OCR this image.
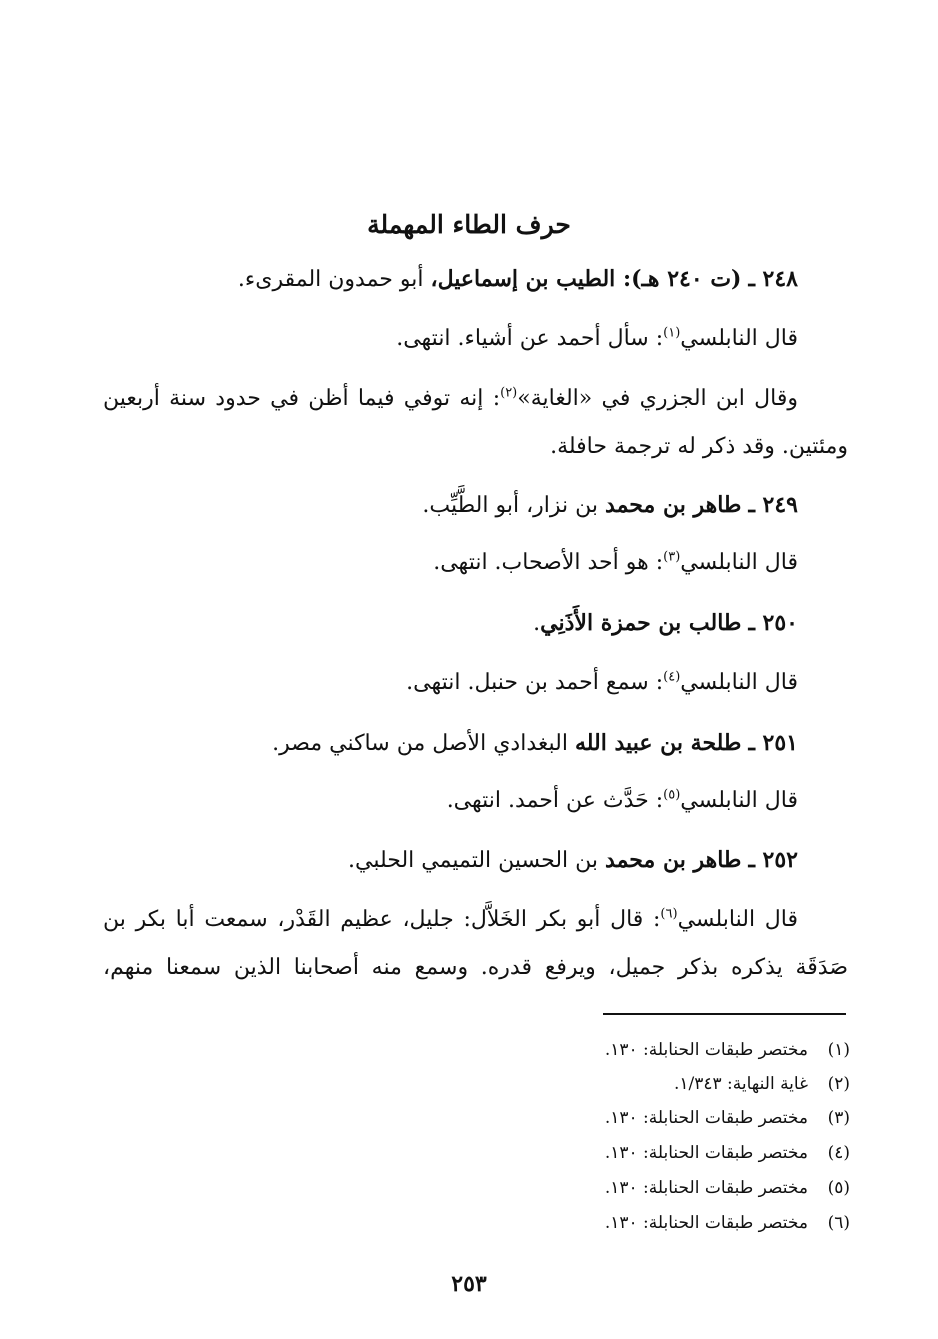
حرف الطاء المهملة
٢٤٨ ـ (ت ٢٤٠ هـ): الطيب بن إسماعيل، أبو حمدون المقرىء.
قال النابلسي$^{(١)}$: سأل أحمد عن أشياء. انتهى.
وقال ابن الجزري في «الغاية»$^{(٢)}$: إنه توفي فيما أظن في حدود سنة أربعين
ومئتين. وقد ذكر له ترجمة حافلة.
٢٤٩ ـ طاهر بن محمد بن نزار، أبو الطَّيِّب.
قال النابلسي$^{(٣)}$: هو أحد الأصحاب. انتهى.
٢٥٠ ـ طالب بن حمزة الأَذَنِي.
قال النابلسي$^{(٤)}$: سمع أحمد بن حنبل. انتهى.
٢٥١ ـ طلحة بن عبيد الله البغدادي الأصل من ساكني مصر.
قال النابلسي$^{(٥)}$: حَدَّث عن أحمد. انتهى.
٢٥٢ ـ طاهر بن محمد بن الحسين التميمي الحلبي.
قال النابلسي$^{(٦)}$: قال أبو بكر الخَلاَّل: جليل، عظيم القَدْر، سمعت أبا بكر بن
صَدَقَة يذكره بذكر جميل، ويرفع قدره. وسمع منه أصحابنا الذين سمعنا منهم،
(١)مختصر طبقات الحنابلة: ١٣٠.
(٢)غاية النهاية: ١/٣٤٣.
(٣)مختصر طبقات الحنابلة: ١٣٠.
(٤)مختصر طبقات الحنابلة: ١٣٠.
(٥)مختصر طبقات الحنابلة: ١٣٠.
(٦)مختصر طبقات الحنابلة: ١٣٠.
٢٥٣
